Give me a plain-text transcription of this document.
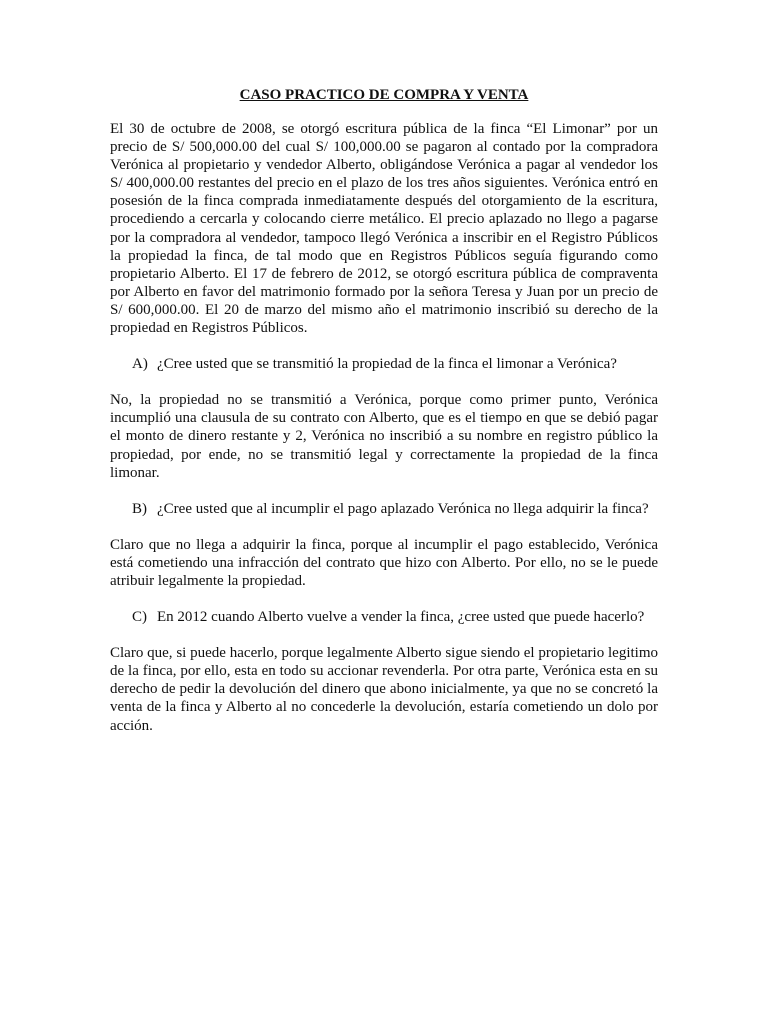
CASO PRACTICO DE COMPRA Y VENTA

El 30 de octubre de 2008, se otorgó escritura pública de la finca “El Limonar” por un precio de S/ 500,000.00 del cual S/ 100,000.00 se pagaron al contado por la compradora Verónica al propietario y vendedor Alberto, obligándose Verónica a pagar al vendedor los S/ 400,000.00 restantes del precio en el plazo de los tres años siguientes. Verónica entró en posesión de la finca comprada inmediatamente después del otorgamiento de la escritura, procediendo a cercarla y colocando cierre metálico. El precio aplazado no llego a pagarse por la compradora al vendedor, tampoco llegó Verónica a inscribir en el Registro Públicos la propiedad la finca, de tal modo que en Registros Públicos seguía figurando como propietario Alberto. El 17 de febrero de 2012, se otorgó escritura pública de compraventa por Alberto en favor del matrimonio formado por la señora Teresa y Juan por un precio de S/ 600,000.00. El 20 de marzo del mismo año el matrimonio inscribió su derecho de la propiedad en Registros Públicos.

A) ¿Cree usted que se transmitió la propiedad de la finca el limonar a Verónica?

No, la propiedad no se transmitió a Verónica, porque como primer punto, Verónica incumplió una clausula de su contrato con Alberto, que es el tiempo en que se debió pagar el monto de dinero restante y 2, Verónica no inscribió a su nombre en registro público la propiedad, por ende, no se transmitió legal y correctamente la propiedad de la finca limonar.

B) ¿Cree usted que al incumplir el pago aplazado Verónica no llega adquirir la finca?

Claro que no llega a adquirir la finca, porque al incumplir el pago establecido, Verónica está cometiendo una infracción del contrato que hizo con Alberto. Por ello, no se le puede atribuir legalmente la propiedad.

C) En 2012 cuando Alberto vuelve a vender la finca, ¿cree usted que puede hacerlo?

Claro que, si puede hacerlo, porque legalmente Alberto sigue siendo el propietario legitimo de la finca, por ello, esta en todo su accionar revenderla. Por otra parte, Verónica esta en su derecho de pedir la devolución del dinero que abono inicialmente, ya que no se concretó la venta de la finca y Alberto al no concederle la devolución, estaría cometiendo un dolo por acción.
